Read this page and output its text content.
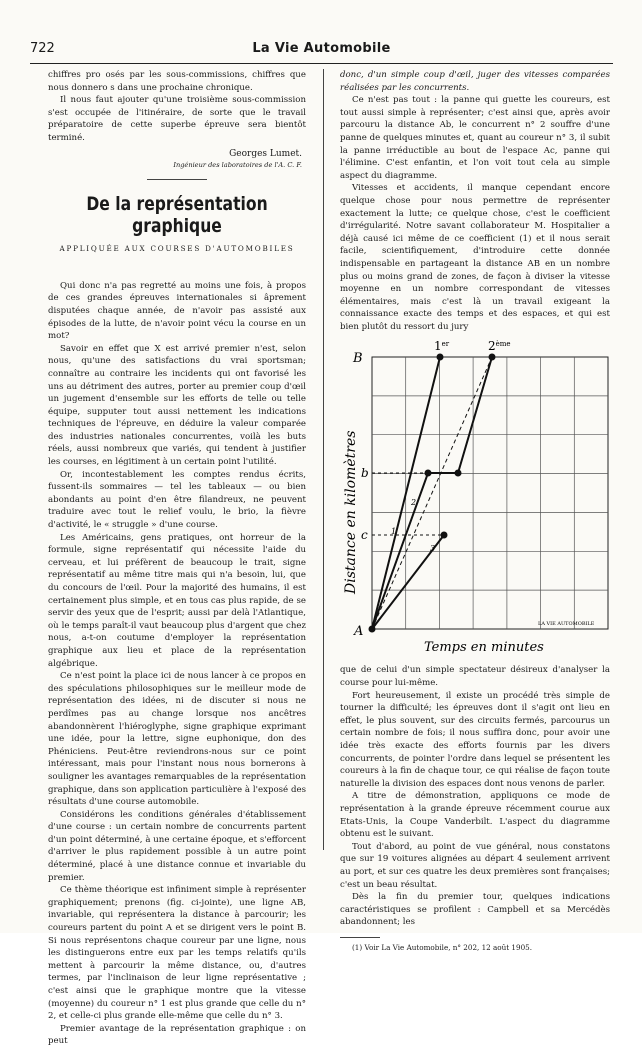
722	La Vie Automobile

chiffres pro osés par les sous-commissions, chiffres que nous donnero s dans une prochaine chronique.

Il nous faut ajouter qu'une troisième sous-commission s'est occupée de l'itinéraire, de sorte que le travail préparatoire de cette superbe épreuve sera bientôt terminé.

Georges Lumet.
Ingénieur des laboratoires de l'A. C. F.
De la représentation graphique
APPLIQUÉE AUX COURSES D'AUTOMOBILES

Qui donc n'a pas regretté au moins une fois, à propos de ces grandes épreuves internationales si âprement disputées chaque année, de n'avoir pas assisté aux épisodes de la lutte, de n'avoir point vécu la course en un mot?

Savoir en effet que X est arrivé premier n'est, selon nous, qu'une des satisfactions du vrai sportsman; connaître au contraire les incidents qui ont favorisé les uns au détriment des autres, porter au premier coup d'œil un jugement d'ensemble sur les efforts de telle ou telle équipe, supputer tout aussi nettement les indications techniques de l'épreuve, en déduire la valeur comparée des industries nationales concurrentes, voilà les buts réels, aussi nombreux que variés, qui tendent à justifier les courses, en légitiment à un certain point l'utilité.

Or, incontestablement les comptes rendus écrits, fussent-ils sommaires — tel les tableaux — ou bien abondants au point d'en être filandreux, ne peuvent traduire avec tout le relief voulu, le brio, la fièvre d'activité, le « struggle » d'une course.

Les Américains, gens pratiques, ont horreur de la formule, signe représentatif qui nécessite l'aide du cerveau, et lui préfèrent de beaucoup le trait, signe représentatif au même titre mais qui n'a besoin, lui, que du concours de l'œil. Pour la majorité des humains, il est certainement plus simple, et en tous cas plus rapide, de se servir des yeux que de l'esprit; aussi par delà l'Atlantique, où le temps paraît-il vaut beaucoup plus d'argent que chez nous, a-t-on coutume d'employer la représentation graphique aux lieu et place de la représentation algébrique.

Ce n'est point la place ici de nous lancer à ce propos en des spéculations philosophiques sur le meilleur mode de représentation des idées, ni de discuter si nous ne perdîmes pas au change lorsque nos ancêtres abandonnèrent l'hiéroglyphe, signe graphique exprimant une idée, pour la lettre, signe euphonique, don des Phéniciens. Peut-être reviendrons-nous sur ce point intéressant, mais pour l'instant nous nous bornerons à souligner les avantages remarquables de la représentation graphique, dans son application particulière à l'exposé des résultats d'une course automobile.

Considérons les conditions générales d'établissement d'une course : un certain nombre de concurrents partent d'un point déterminé, à une certaine époque, et s'efforcent d'arriver le plus rapidement possible à un autre point déterminé, placé à une distance connue et invariable du premier.

Ce thème théorique est infiniment simple à représenter graphiquement; prenons (fig. ci-jointe), une ligne AB, invariable, qui représentera la distance à parcourir; les coureurs partent du point A et se dirigent vers le point B. Si nous représentons chaque coureur par une ligne, nous les distinguerons entre eux par les temps relatifs qu'ils mettent à parcourir la même distance, ou, d'autres termes, par l'inclinaison de leur ligne représentative ; c'est ainsi que le graphique montre que la vitesse (moyenne) du coureur n° 1 est plus grande que celle du n° 2, et celle-ci plus grande elle-même que celle du n° 3.

Premier avantage de la représentation graphique : on peut

donc, d'un simple coup d'œil, juger des vitesses comparées réalisées par les concurrents.

Ce n'est pas tout : la panne qui guette les coureurs, est tout aussi simple à représenter; c'est ainsi que, après avoir parcouru la distance Ab, le concurrent n° 2 souffre d'une panne de quelques minutes et, quant au coureur n° 3, il subit la panne irréductible au bout de l'espace Ac, panne qui l'élimine. C'est enfantin, et l'on voit tout cela au simple aspect du diagramme.

Vitesses et accidents, il manque cependant encore quelque chose pour nous permettre de représenter exactement la lutte; ce quelque chose, c'est le coefficient d'irrégularité. Notre savant collaborateur M. Hospitalier a déjà causé ici même de ce coefficient (1) et il nous serait facile, scientifiquement, d'introduire cette donnée indispensable en partageant la distance AB en un nombre plus ou moins grand de zones, de façon à diviser la vitesse moyenne en un nombre correspondant de vitesses élémentaires, mais c'est là un travail exigeant la connaissance exacte des temps et des espaces, et qui est bien plutôt du ressort du jury

B
b
c
A
1er	2ème
1
2
3
Distance en kilomètres
Temps en minutes
LA VIE AUTOMOBILE

que de celui d'un simple spectateur désireux d'analyser la course pour lui-même.

Fort heureusement, il existe un procédé très simple de tourner la difficulté; les épreuves dont il s'agit ont lieu en effet, le plus souvent, sur des circuits fermés, parcourus un certain nombre de fois; il nous suffira donc, pour avoir une idée très exacte des efforts fournis par les divers concurrents, de pointer l'ordre dans lequel se présentent les coureurs à la fin de chaque tour, ce qui réalise de façon toute naturelle la division des espaces dont nous venons de parler.

A titre de démonstration, appliquons ce mode de représentation à la grande épreuve récemment courue aux Etats-Unis, la Coupe Vanderbilt. L'aspect du diagramme obtenu est le suivant.

Tout d'abord, au point de vue général, nous constatons que sur 19 voitures alignées au départ 4 seulement arrivent au port, et sur ces quatre les deux premières sont françaises; c'est un beau résultat.

Dès la fin du premier tour, quelques indications caractéristiques se profilent : Campbell et sa Mercédès abandonnent; les

(1) Voir La Vie Automobile, n° 202, 12 août 1905.
